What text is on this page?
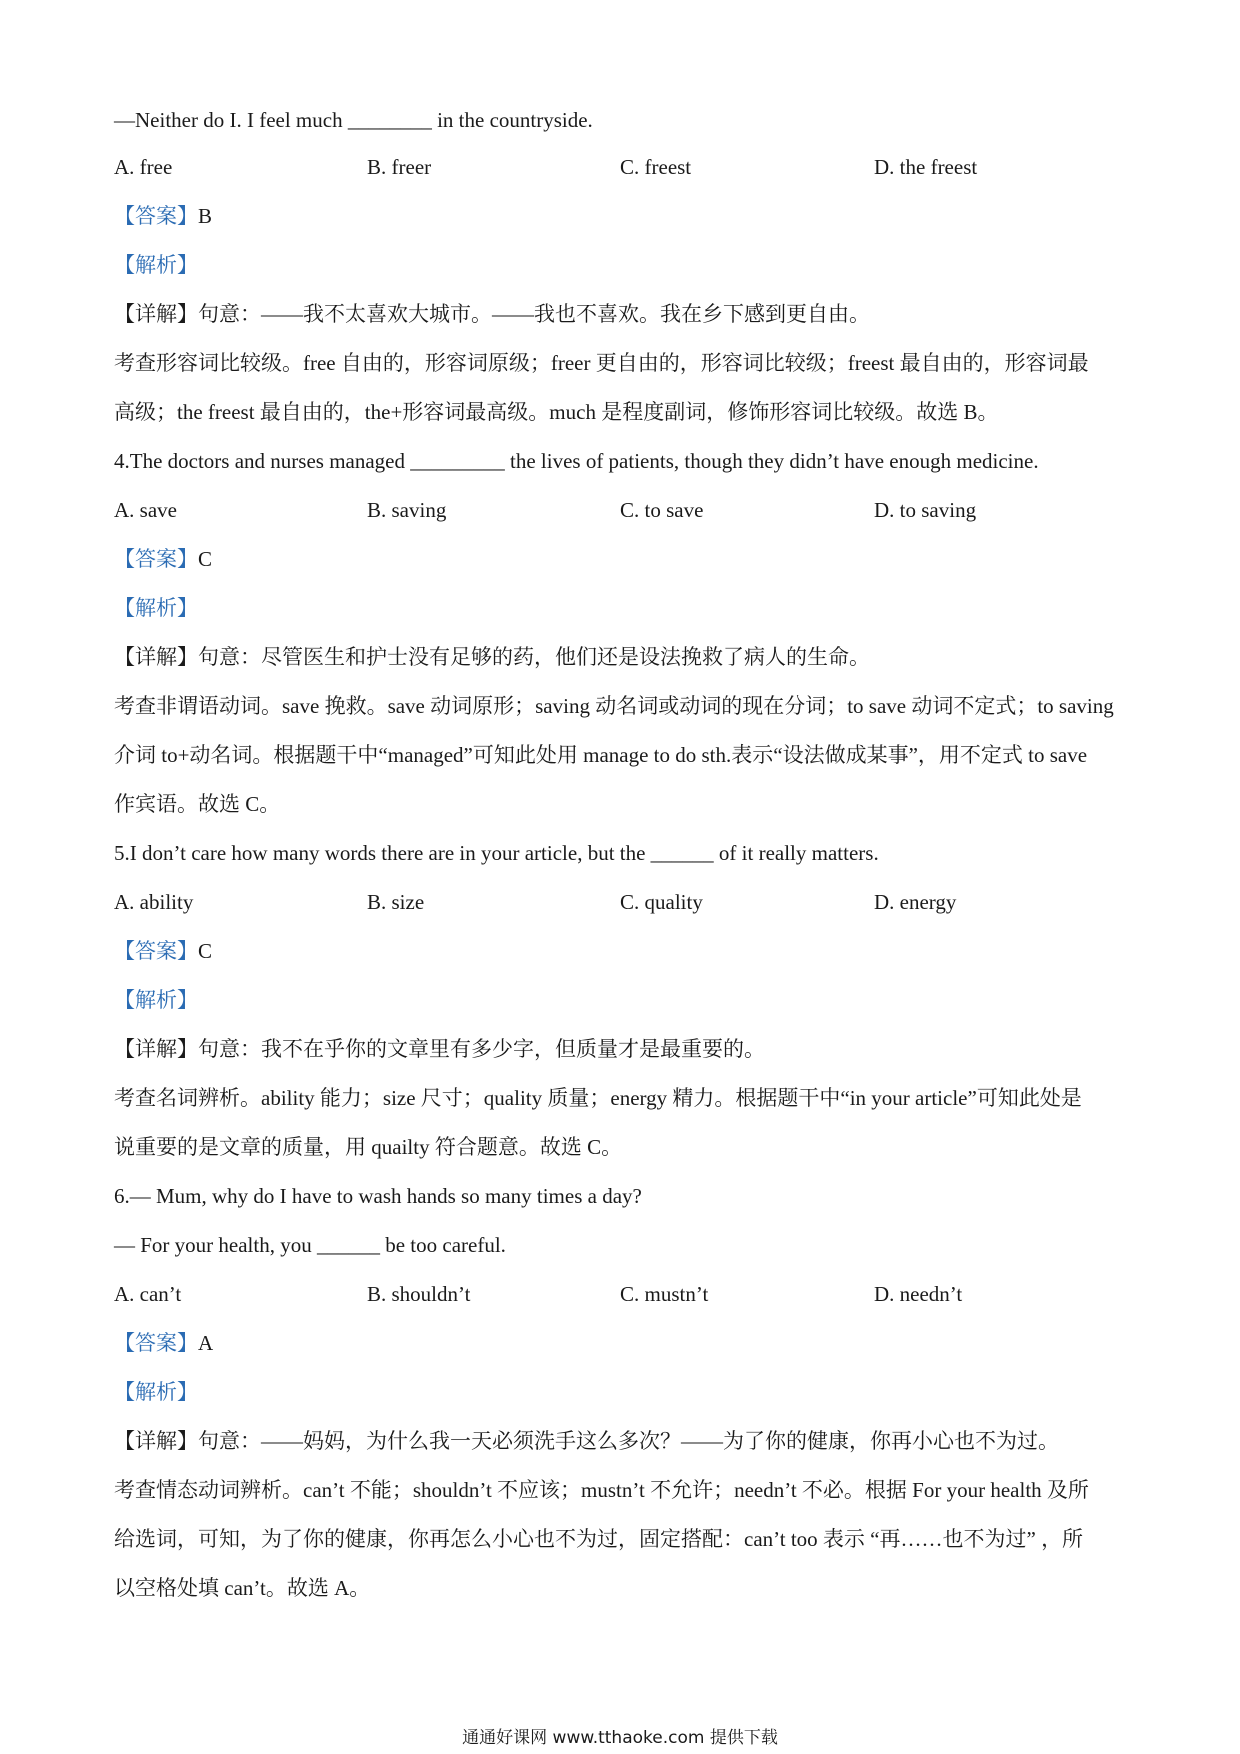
—Neither do I. I feel much ________ in the countryside.
A. free	B. freer	C. freest	D. the freest
【答案】B
【解析】
【详解】句意：——我不太喜欢大城市。——我也不喜欢。我在乡下感到更自由。
考查形容词比较级。free 自由的，形容词原级；freer 更自由的，形容词比较级；freest 最自由的，形容词最
高级；the freest 最自由的，the+形容词最高级。much 是程度副词，修饰形容词比较级。故选 B。
4.The doctors and nurses managed _________ the lives of patients, though they didn’t have enough medicine.
A. save	B. saving	C. to save	D. to saving
【答案】C
【解析】
【详解】句意：尽管医生和护士没有足够的药，他们还是设法挽救了病人的生命。
考查非谓语动词。save 挽救。save 动词原形；saving 动名词或动词的现在分词；to save 动词不定式；to saving
介词 to+动名词。根据题干中“managed”可知此处用 manage to do sth.表示“设法做成某事”，用不定式 to save
作宾语。故选 C。
5.I don’t care how many words there are in your article, but the ______ of it really matters.
A. ability	B. size	C. quality	D. energy
【答案】C
【解析】
【详解】句意：我不在乎你的文章里有多少字，但质量才是最重要的。
考查名词辨析。ability 能力；size 尺寸；quality 质量；energy 精力。根据题干中“in your article”可知此处是
说重要的是文章的质量，用 quailty 符合题意。故选 C。
6.— Mum, why do I have to wash hands so many times a day?
— For your health, you ______ be too careful.
A. can’t	B. shouldn’t	C. mustn’t	D. needn’t
【答案】A
【解析】
【详解】句意：——妈妈，为什么我一天必须洗手这么多次？——为了你的健康，你再小心也不为过。
考查情态动词辨析。can’t 不能；shouldn’t 不应该；mustn’t 不允许；needn’t 不必。根据 For your health 及所
给选词，可知，为了你的健康，你再怎么小心也不为过，固定搭配：can’t too 表示 “再……也不为过” ，所
以空格处填 can’t。故选 A。
通通好课网 www.tthaoke.com 提供下载
